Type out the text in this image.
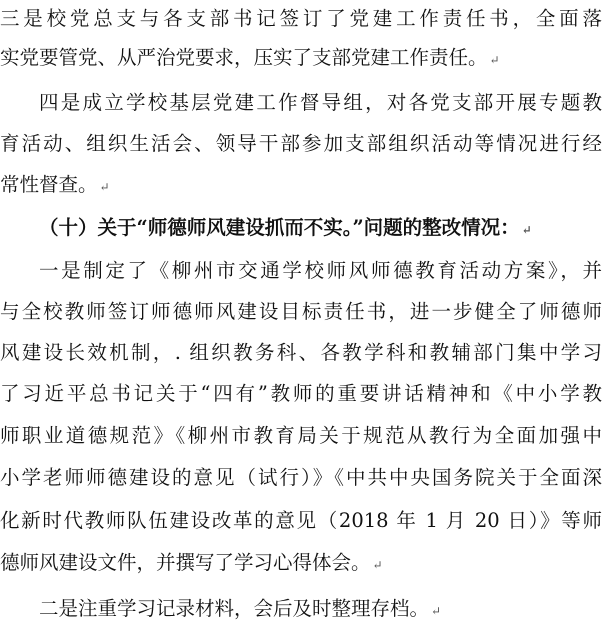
三是校党总支与各支部书记签订了党建工作责任书，全面落
实党要管党、从严治党要求，压实了支部党建工作责任。 ↵
四是成立学校基层党建工作督导组，对各党支部开展专题教
育活动、组织生活会、领导干部参加支部组织活动等情况进行经
常性督查。 ↵
（十）关于“师德师风建设抓而不实。”问题的整改情况： ↵
一是制定了《柳州市交通学校师风师德教育活动方案》，并
与全校教师签订师德师风建设目标责任书，进一步健全了师德师
风建设长效机制，. 组织教务科、各教学科和教辅部门集中学习
了习近平总书记关于“四有”教师的重要讲话精神和《中小学教
师职业道德规范》《柳州市教育局关于规范从教行为全面加强中
小学老师师德建设的意见（试行）》《中共中央国务院关于全面深
化新时代教师队伍建设改革的意见（2018 年 1 月 20 日）》等师
德师风建设文件，并撰写了学习心得体会。 ↵
二是注重学习记录材料，会后及时整理存档。 ↵
